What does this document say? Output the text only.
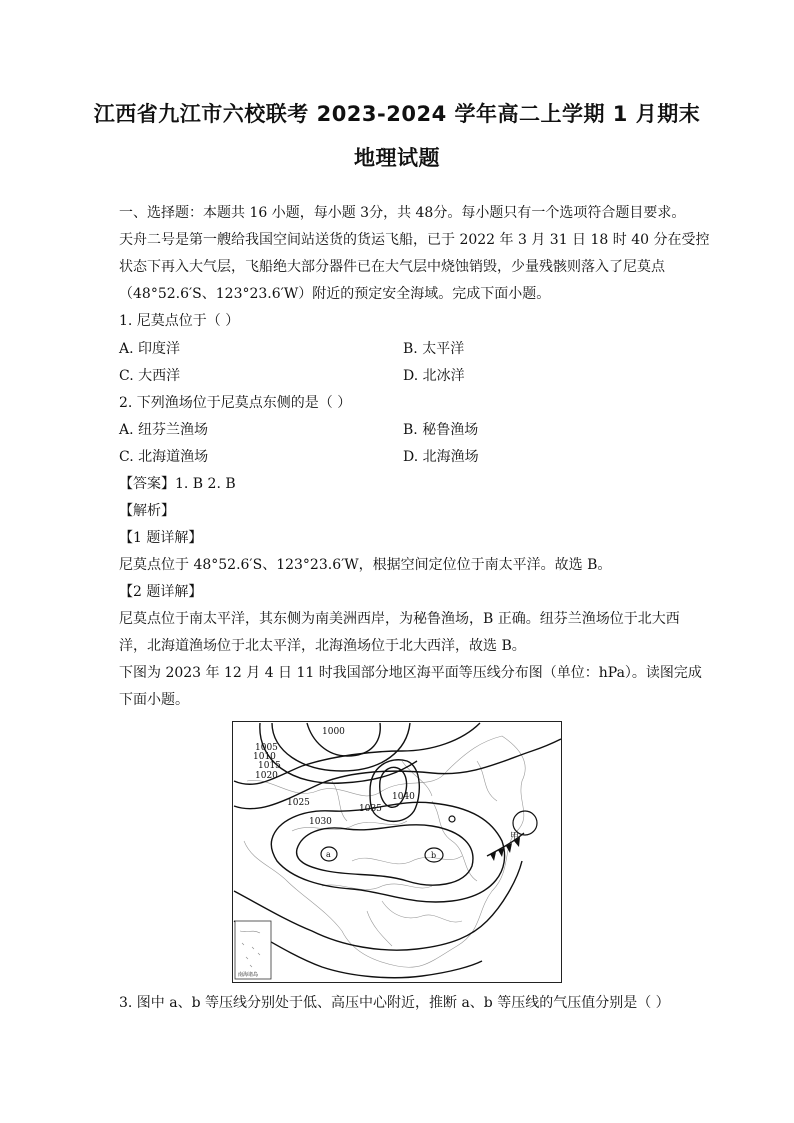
江西省九江市六校联考 2023-2024 学年高二上学期 1 月期末
地理试题
一、选择题：本题共 16 小题，每小题 3分，共 48分。每小题只有一个选项符合题目要求。
天舟二号是第一艘给我国空间站送货的货运飞船，已于 2022 年 3 月 31 日 18 时 40 分在受控
状态下再入大气层，飞船绝大部分器件已在大气层中烧蚀销毁，少量残骸则落入了尼莫点
（48°52.6′S、123°23.6′W）附近的预定安全海域。完成下面小题。
1. 尼莫点位于（ ）
A. 印度洋	B. 太平洋
C. 大西洋	D. 北冰洋
2. 下列渔场位于尼莫点东侧的是（ ）
A. 纽芬兰渔场	B. 秘鲁渔场
C. 北海道渔场	D. 北海渔场
【答案】1. B 2. B
【解析】
【1 题详解】
尼莫点位于 48°52.6′S、123°23.6′W，根据空间定位位于南太平洋。故选 B。
【2 题详解】
尼莫点位于南太平洋，其东侧为南美洲西岸，为秘鲁渔场，B 正确。纽芬兰渔场位于北大西
洋，北海道渔场位于北太平洋，北海渔场位于北大西洋，故选 B。
下图为 2023 年 12 月 4 日 11 时我国部分地区海平面等压线分布图（单位：hPa）。读图完成
下面小题。
1000
1005
1010
1015
1020
1025
1030
1035
1040
a	b
甲
南海诸岛
3. 图中 a、b 等压线分别处于低、高压中心附近，推断 a、b 等压线的气压值分别是（ ）
